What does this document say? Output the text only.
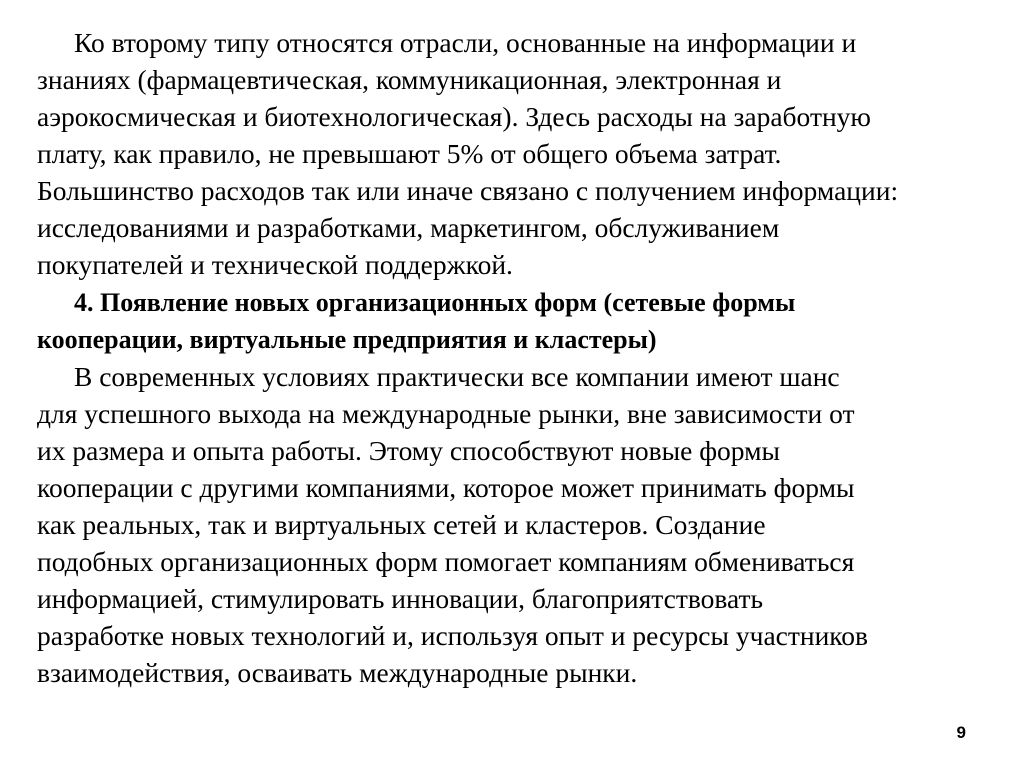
Ко второму типу относятся отрасли, основанные на информации и

знаниях (фармацевтическая, коммуникационная, электронная и

аэрокосмическая и биотехнологическая). Здесь расходы на заработную

плату, как правило, не превышают 5% от общего объема затрат.

Большинство расходов так или иначе связано с получением информации:

исследованиями и разработками, маркетингом, обслуживанием

покупателей и технической поддержкой.

4. Появление новых организационных форм (сетевые формы

кооперации, виртуальные предприятия и кластеры)

В современных условиях практически все компании имеют шанс

для успешного выхода на международные рынки, вне зависимости от

их размера и опыта работы. Этому способствуют новые формы

кооперации с другими компаниями, которое может принимать формы

как реальных, так и виртуальных сетей и кластеров. Создание

подобных организационных форм помогает компаниям обмениваться

информацией, стимулировать инновации, благоприятствовать

разработке новых технологий и, используя опыт и ресурсы участников

взаимодействия, осваивать международные рынки.

9
